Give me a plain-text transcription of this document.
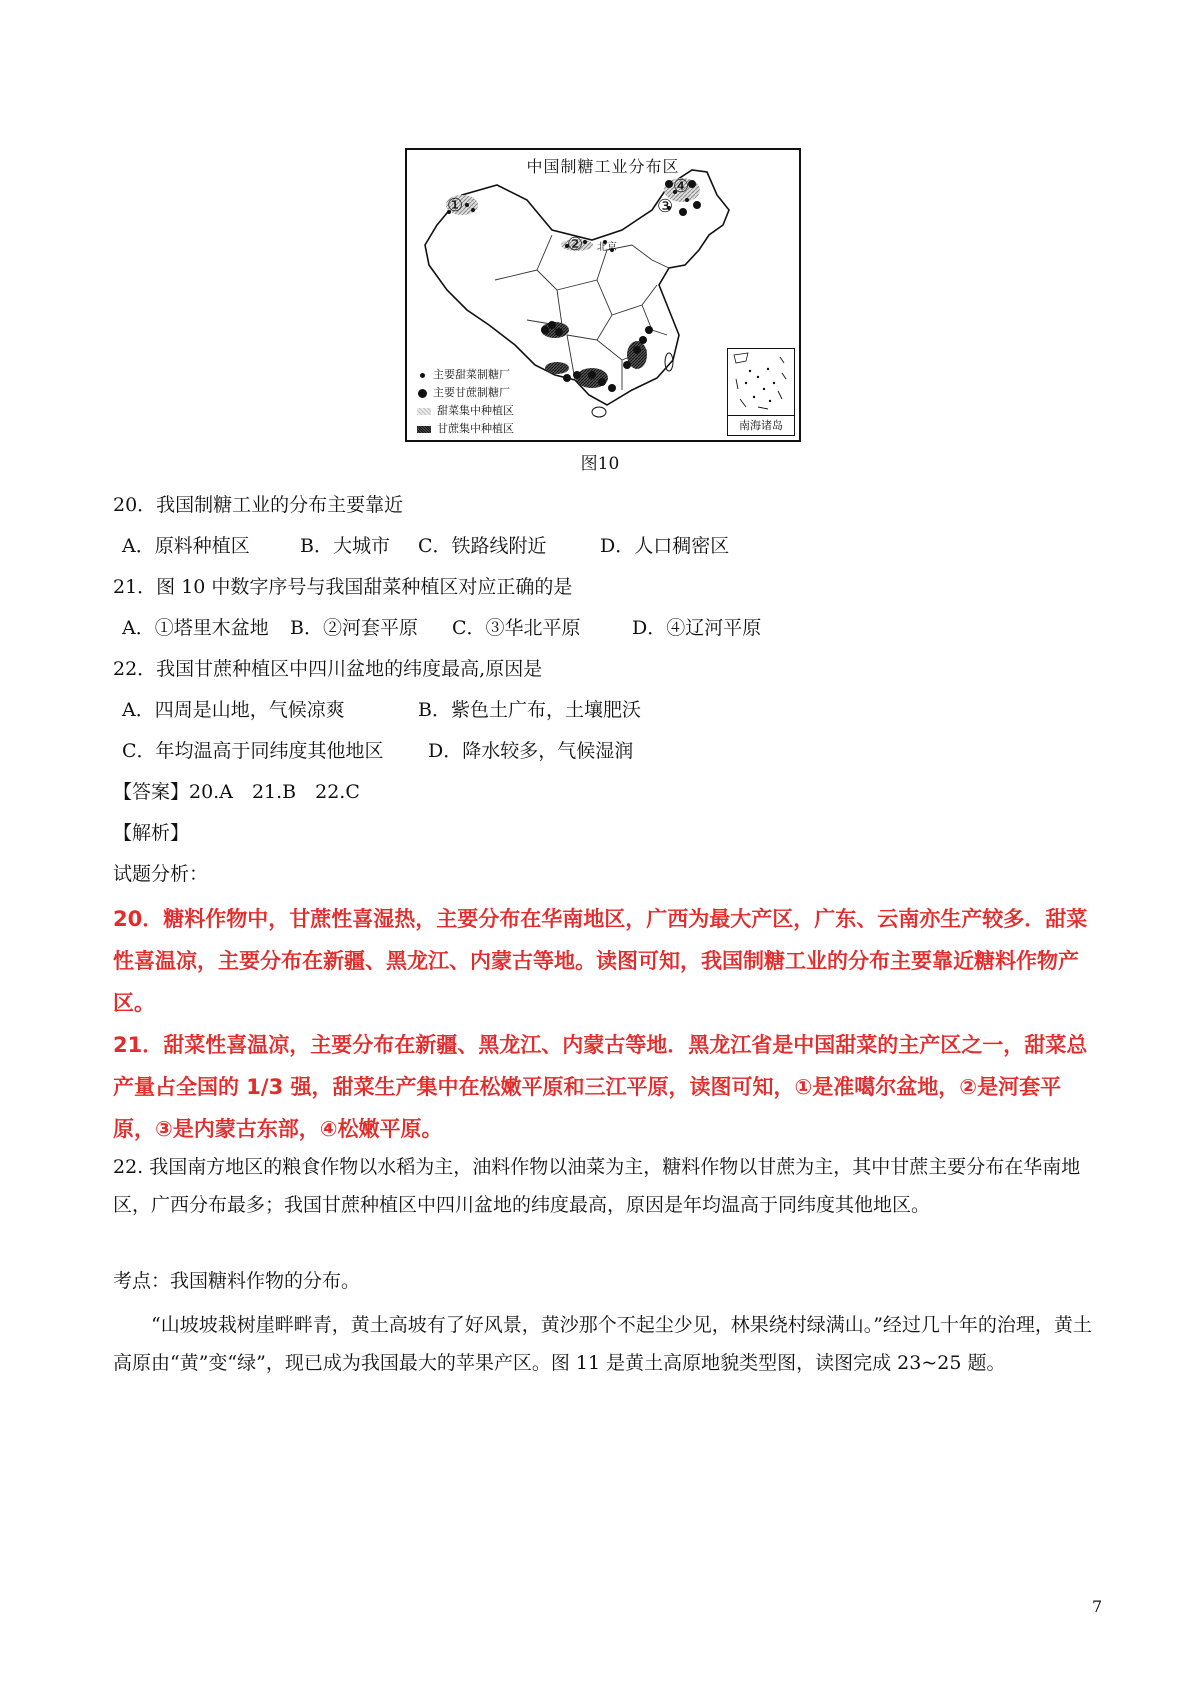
中国制糖工业分布区
①
②
③
④
北京
主要甜菜制糖厂
主要甘蔗制糖厂
甜菜集中种植区
甘蔗集中种植区	南海诸岛
图10
20．我国制糖工业的分布主要靠近
A．原料种植区	B．大城市 C．铁路线附近	D．人口稠密区
21．图 10 中数字序号与我国甜菜种植区对应正确的是
A．①塔里木盆地 B．②河套平原 C．③华北平原	D．④辽河平原
22．我国甘蔗种植区中四川盆地的纬度最高,原因是
A．四周是山地，气候凉爽	B．紫色土广布，土壤肥沃
C．年均温高于同纬度其他地区 D．降水较多，气候湿润
【答案】20.A　21.B　22.C
【解析】
试题分析：
20．糖料作物中，甘蔗性喜湿热，主要分布在华南地区，广西为最大产区，广东、云南亦生产较多．甜菜性喜温凉，主要分布在新疆、黑龙江、内蒙古等地。读图可知，我国制糖工业的分布主要靠近糖料作物产区。
21．甜菜性喜温凉，主要分布在新疆、黑龙江、内蒙古等地．黑龙江省是中国甜菜的主产区之一，甜菜总产量占全国的 1/3 强，甜菜生产集中在松嫩平原和三江平原，读图可知，①是准噶尔盆地，②是河套平原，③是内蒙古东部，④松嫩平原。
22. 我国南方地区的粮食作物以水稻为主，油料作物以油菜为主，糖料作物以甘蔗为主，其中甘蔗主要分布在华南地区，广西分布最多；我国甘蔗种植区中四川盆地的纬度最高，原因是年均温高于同纬度其他地区。
考点：我国糖料作物的分布。
“山坡坡栽树崖畔畔青，黄土高坡有了好风景，黄沙那个不起尘少见，林果绕村绿满山。”经过几十年的治理，黄土高原由“黄”变“绿”，现已成为我国最大的苹果产区。图 11 是黄土高原地貌类型图，读图完成 23~25 题。
7
